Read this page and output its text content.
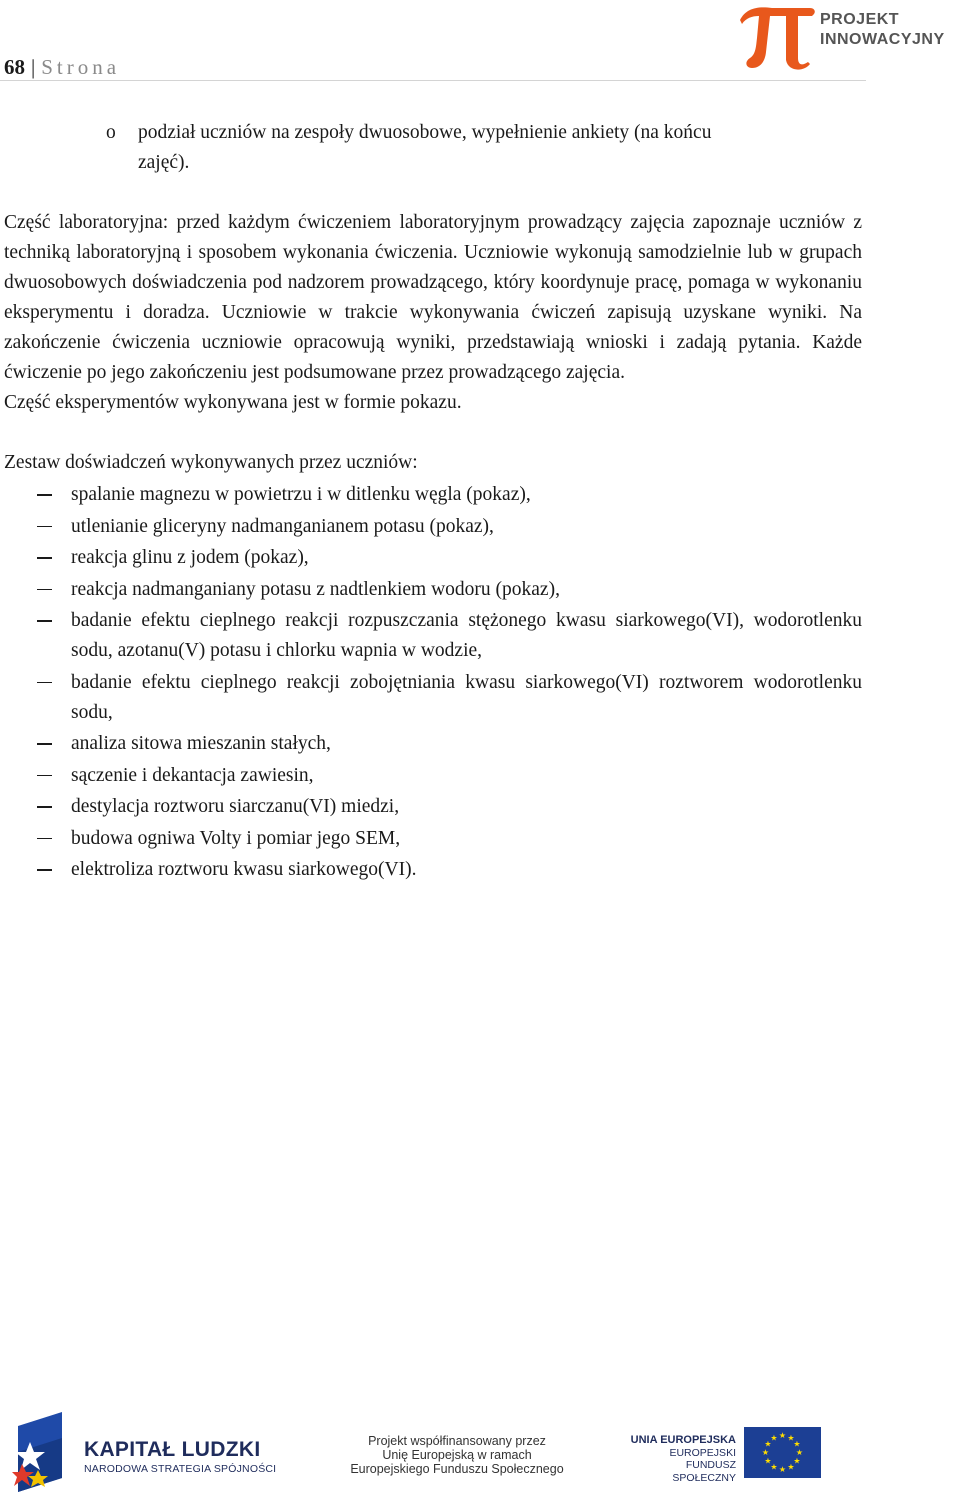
68 | Strona
PROJEKT
INNOWACYJNY
o podział uczniów na zespoły dwuosobowe, wypełnienie ankiety (na końcu
zajęć).
Część laboratoryjna: przed każdym ćwiczeniem laboratoryjnym prowadzący zajęcia zapoznaje uczniów z techniką laboratoryjną i sposobem wykonania ćwiczenia. Uczniowie wykonują samodzielnie lub w grupach dwuosobowych doświadczenia pod nadzorem prowadzącego, który koordynuje pracę, pomaga w wykonaniu eksperymentu i doradza. Uczniowie w trakcie wykonywania ćwiczeń zapisują uzyskane wyniki. Na zakończenie ćwiczenia uczniowie opracowują wyniki, przedstawiają wnioski i zadają pytania. Każde ćwiczenie po jego zakończeniu jest podsumowane przez prowadzącego zajęcia.
Część eksperymentów wykonywana jest w formie pokazu.
Zestaw doświadczeń wykonywanych przez uczniów:
spalanie magnezu w powietrzu i w ditlenku węgla (pokaz),
utlenianie gliceryny nadmanganianem potasu (pokaz),
reakcja glinu z jodem (pokaz),
reakcja nadmanganiany potasu z nadtlenkiem wodoru (pokaz),
badanie efektu cieplnego reakcji rozpuszczania stężonego kwasu siarkowego(VI), wodorotlenku sodu, azotanu(V) potasu i chlorku wapnia w wodzie,
badanie efektu cieplnego reakcji zobojętniania kwasu siarkowego(VI) roztworem wodorotlenku sodu,
analiza sitowa mieszanin stałych,
sączenie i dekantacja zawiesin,
destylacja roztworu siarczanu(VI) miedzi,
budowa ogniwa Volty i pomiar jego SEM,
elektroliza roztworu kwasu siarkowego(VI).
KAPITAŁ LUDZKI
NARODOWA STRATEGIA SPÓJNOŚCI
Projekt współfinansowany przez
Unię Europejską w ramach
Europejskiego Funduszu Społecznego
UNIA EUROPEJSKA
EUROPEJSKI
FUNDUSZ SPOŁECZNY
★ ★
★
★
★
★
★
★
★
★
★
★
